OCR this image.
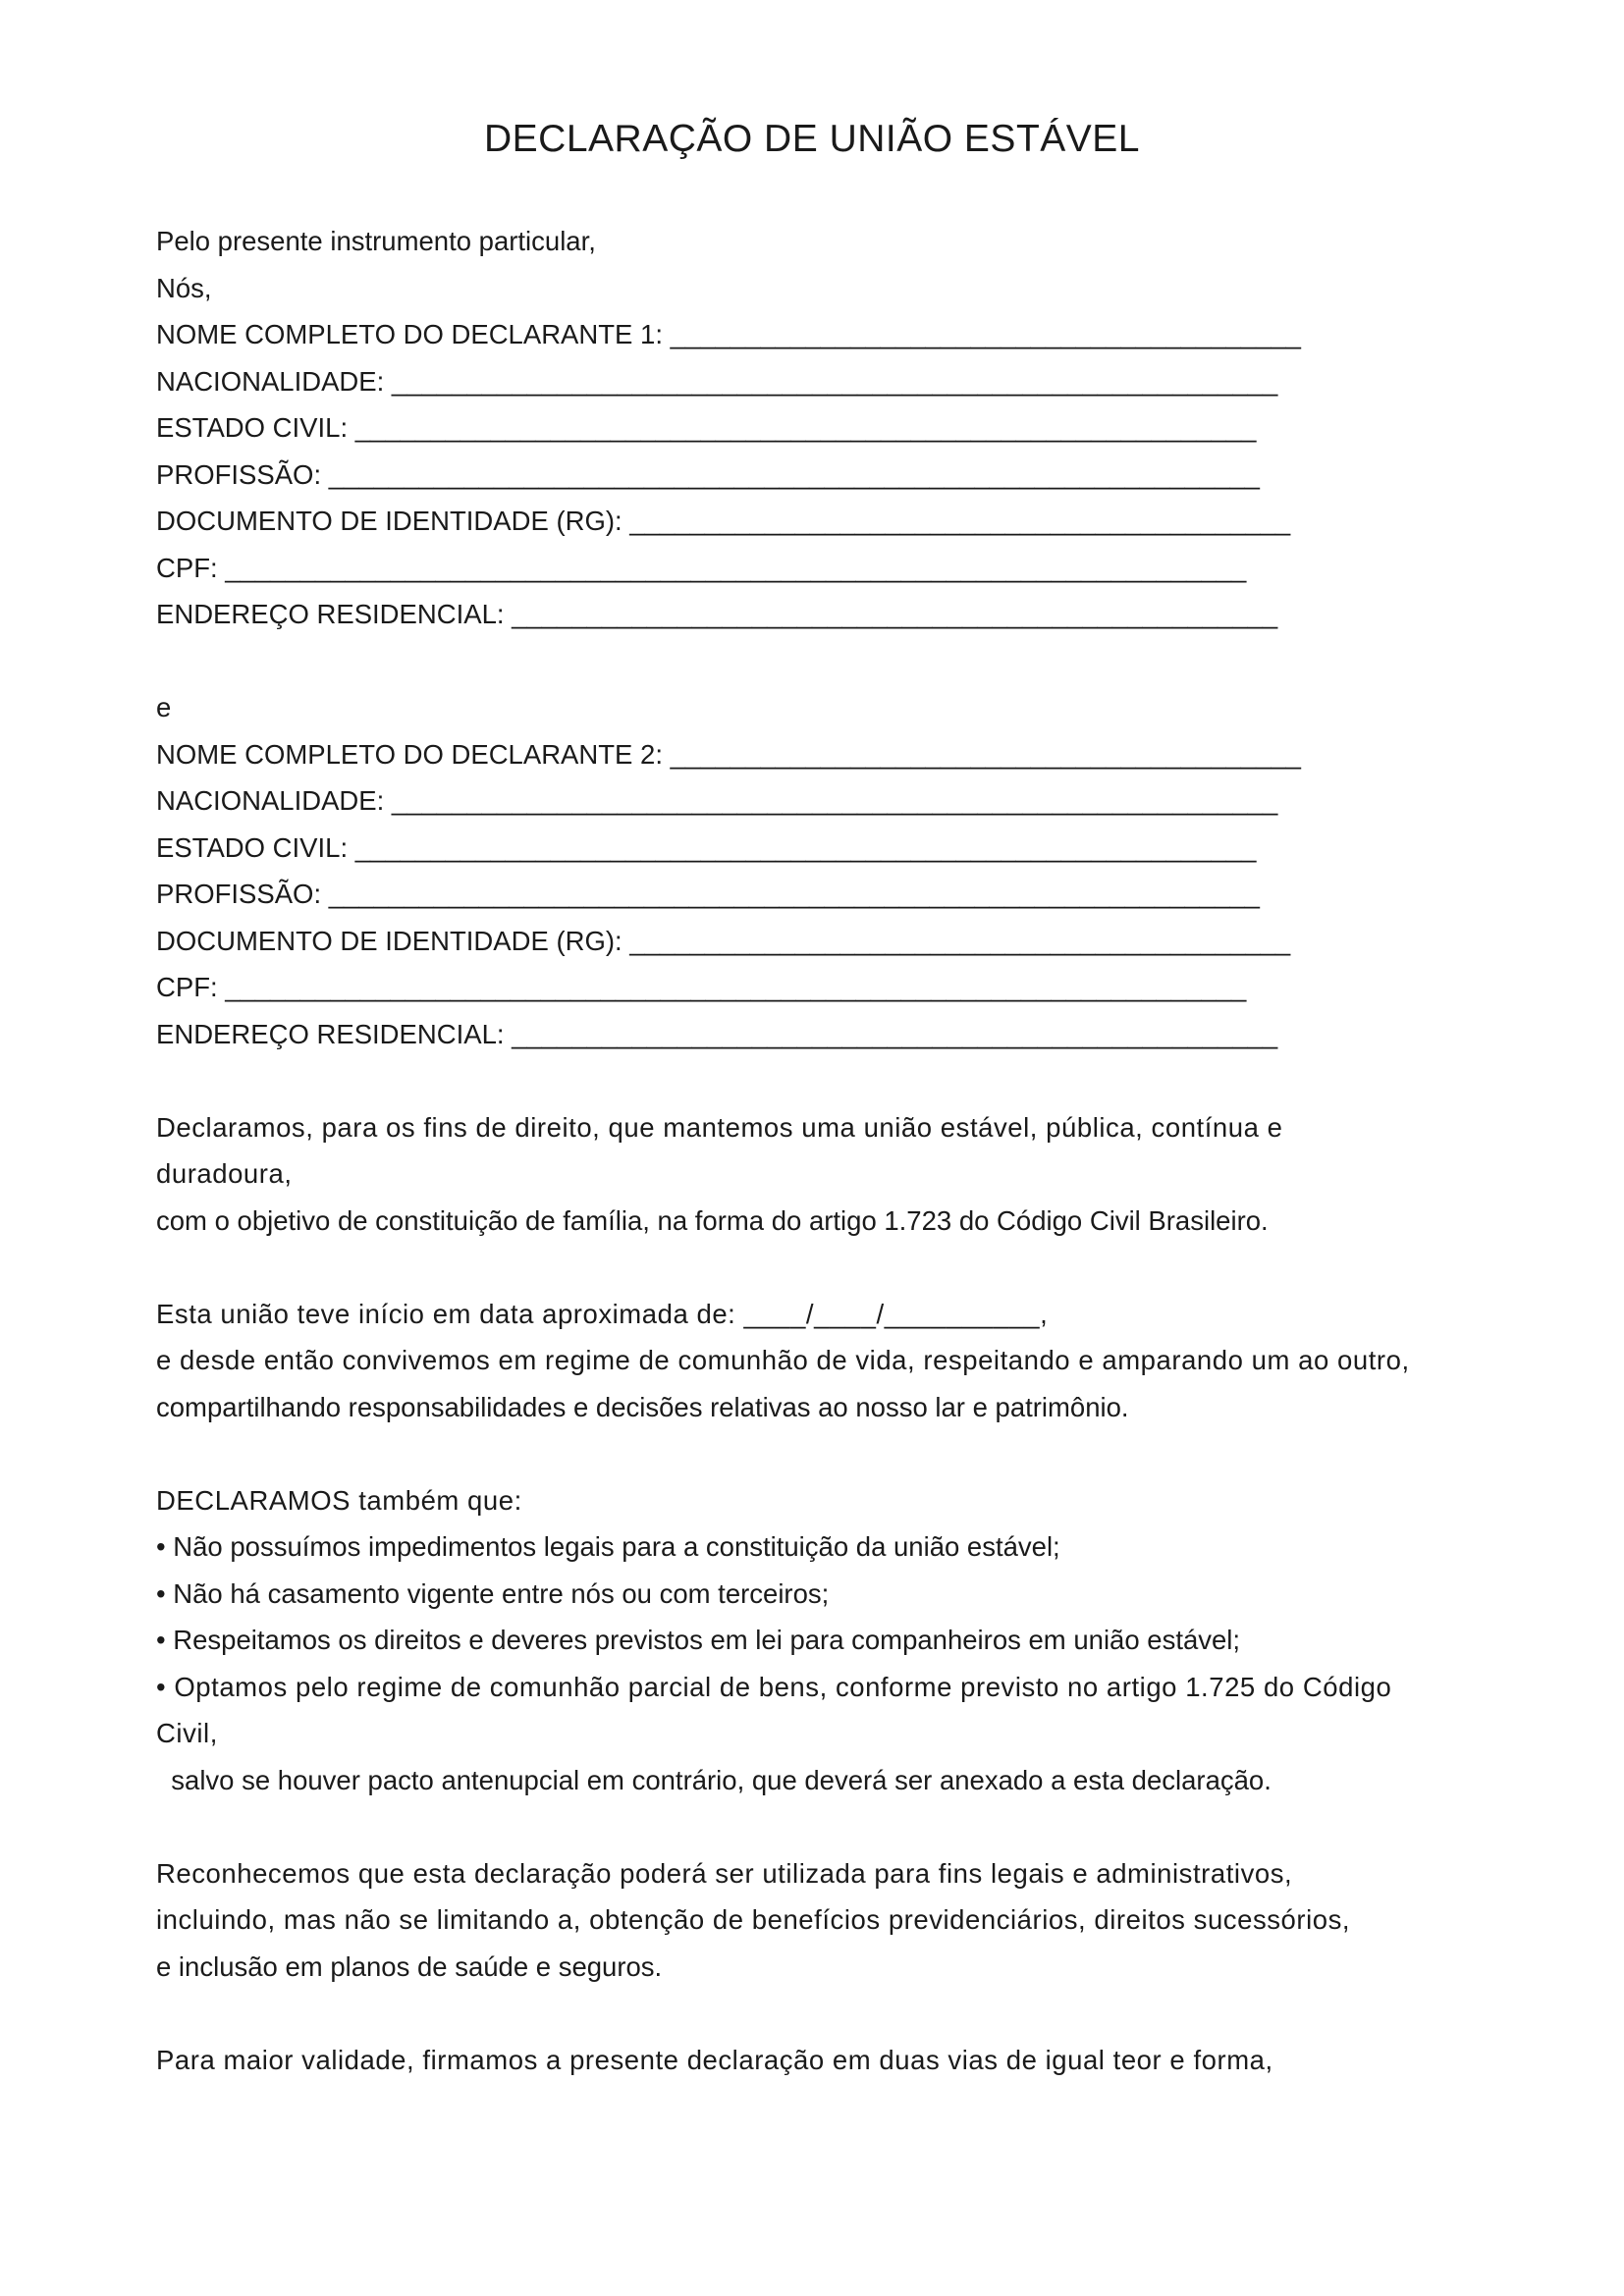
DECLARAÇÃO DE UNIÃO ESTÁVEL
Pelo presente instrumento particular,
Nós,
NOME COMPLETO DO DECLARANTE 1: __________________________________________
NACIONALIDADE: ___________________________________________________________
ESTADO CIVIL: ____________________________________________________________
PROFISSÃO: ______________________________________________________________
DOCUMENTO DE IDENTIDADE (RG): ____________________________________________
CPF: ____________________________________________________________________
ENDEREÇO RESIDENCIAL: ___________________________________________________
e
NOME COMPLETO DO DECLARANTE 2: __________________________________________
NACIONALIDADE: ___________________________________________________________
ESTADO CIVIL: ____________________________________________________________
PROFISSÃO: ______________________________________________________________
DOCUMENTO DE IDENTIDADE (RG): ____________________________________________
CPF: ____________________________________________________________________
ENDEREÇO RESIDENCIAL: ___________________________________________________
Declaramos, para os fins de direito, que mantemos uma união estável, pública, contínua e
duradoura,
com o objetivo de constituição de família, na forma do artigo 1.723 do Código Civil Brasileiro.
Esta união teve início em data aproximada de: ____/____/__________,
e desde então convivemos em regime de comunhão de vida, respeitando e amparando um ao outro,
compartilhando responsabilidades e decisões relativas ao nosso lar e patrimônio.
DECLARAMOS também que:
• Não possuímos impedimentos legais para a constituição da união estável;
• Não há casamento vigente entre nós ou com terceiros;
• Respeitamos os direitos e deveres previstos em lei para companheiros em união estável;
• Optamos pelo regime de comunhão parcial de bens, conforme previsto no artigo 1.725 do Código
Civil,
salvo se houver pacto antenupcial em contrário, que deverá ser anexado a esta declaração.
Reconhecemos que esta declaração poderá ser utilizada para fins legais e administrativos,
incluindo, mas não se limitando a, obtenção de benefícios previdenciários, direitos sucessórios,
e inclusão em planos de saúde e seguros.
Para maior validade, firmamos a presente declaração em duas vias de igual teor e forma,
